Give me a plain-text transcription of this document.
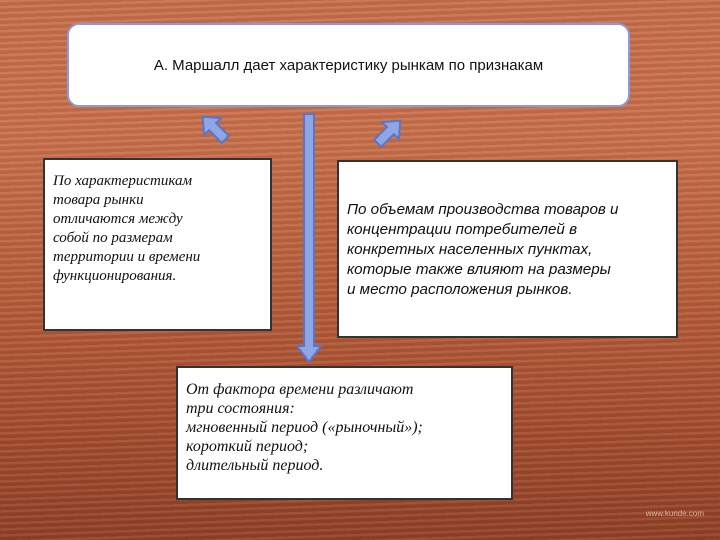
А. Маршалл дает характеристику рынкам по признакам
По характеристикам
товара рынки
отличаются между
собой по размерам
территории и времени
функционирования.
По объемам производства товаров и
концентрации потребителей в
конкретных населенных пунктах,
которые также влияют на размеры
и место расположения рынков.
От фактора времени различают
три состояния:
мгновенный период («рыночный»);
короткий период;
длительный период.
www.kunde.com
